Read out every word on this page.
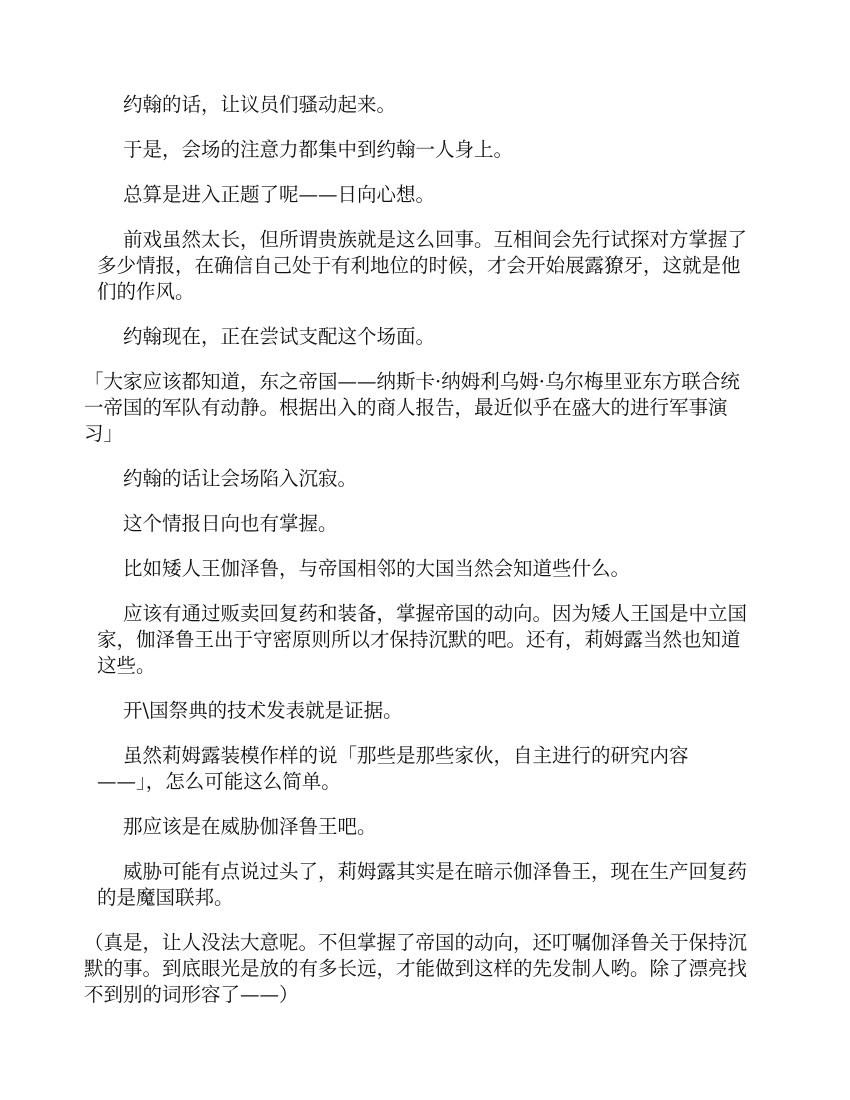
约翰的话，让议员们骚动起来。

于是，会场的注意力都集中到约翰一人身上。

总算是进入正题了呢——日向心想。

前戏虽然太长，但所谓贵族就是这么回事。互相间会先行试探对方掌握了多少情报，在确信自己处于有利地位的时候，才会开始展露獠牙，这就是他们的作风。

约翰现在，正在尝试支配这个场面。

「大家应该都知道，东之帝国——纳斯卡·纳姆利乌姆·乌尔梅里亚东方联合统一帝国的军队有动静。根据出入的商人报告，最近似乎在盛大的进行军事演习」

约翰的话让会场陷入沉寂。

这个情报日向也有掌握。

比如矮人王伽泽鲁，与帝国相邻的大国当然会知道些什么。

应该有通过贩卖回复药和装备，掌握帝国的动向。因为矮人王国是中立国家，伽泽鲁王出于守密原则所以才保持沉默的吧。还有，莉姆露当然也知道这些。

开\国祭典的技术发表就是证据。

虽然莉姆露装模作样的说「那些是那些家伙，自主进行的研究内容——」，怎么可能这么简单。

那应该是在威胁伽泽鲁王吧。

威胁可能有点说过头了，莉姆露其实是在暗示伽泽鲁王，现在生产回复药的是魔国联邦。

（真是，让人没法大意呢。不但掌握了帝国的动向，还叮嘱伽泽鲁关于保持沉默的事。到底眼光是放的有多长远，才能做到这样的先发制人哟。除了漂亮找不到别的词形容了——）
